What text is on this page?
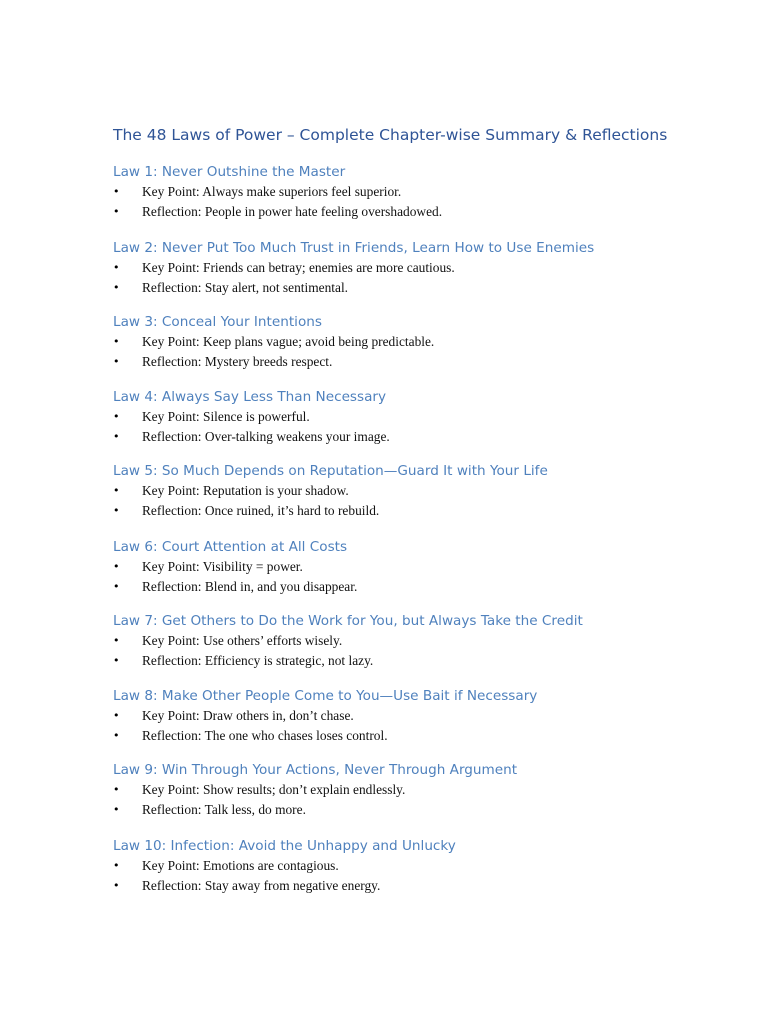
The 48 Laws of Power – Complete Chapter-wise Summary & Reflections
Law 1: Never Outshine the Master
• Key Point: Always make superiors feel superior.
• Reflection: People in power hate feeling overshadowed.
Law 2: Never Put Too Much Trust in Friends, Learn How to Use Enemies
• Key Point: Friends can betray; enemies are more cautious.
• Reflection: Stay alert, not sentimental.
Law 3: Conceal Your Intentions
• Key Point: Keep plans vague; avoid being predictable.
• Reflection: Mystery breeds respect.
Law 4: Always Say Less Than Necessary
• Key Point: Silence is powerful.
• Reflection: Over-talking weakens your image.
Law 5: So Much Depends on Reputation—Guard It with Your Life
• Key Point: Reputation is your shadow.
• Reflection: Once ruined, it’s hard to rebuild.
Law 6: Court Attention at All Costs
• Key Point: Visibility = power.
• Reflection: Blend in, and you disappear.
Law 7: Get Others to Do the Work for You, but Always Take the Credit
• Key Point: Use others’ efforts wisely.
• Reflection: Efficiency is strategic, not lazy.
Law 8: Make Other People Come to You—Use Bait if Necessary
• Key Point: Draw others in, don’t chase.
• Reflection: The one who chases loses control.
Law 9: Win Through Your Actions, Never Through Argument
• Key Point: Show results; don’t explain endlessly.
• Reflection: Talk less, do more.
Law 10: Infection: Avoid the Unhappy and Unlucky
• Key Point: Emotions are contagious.
• Reflection: Stay away from negative energy.
